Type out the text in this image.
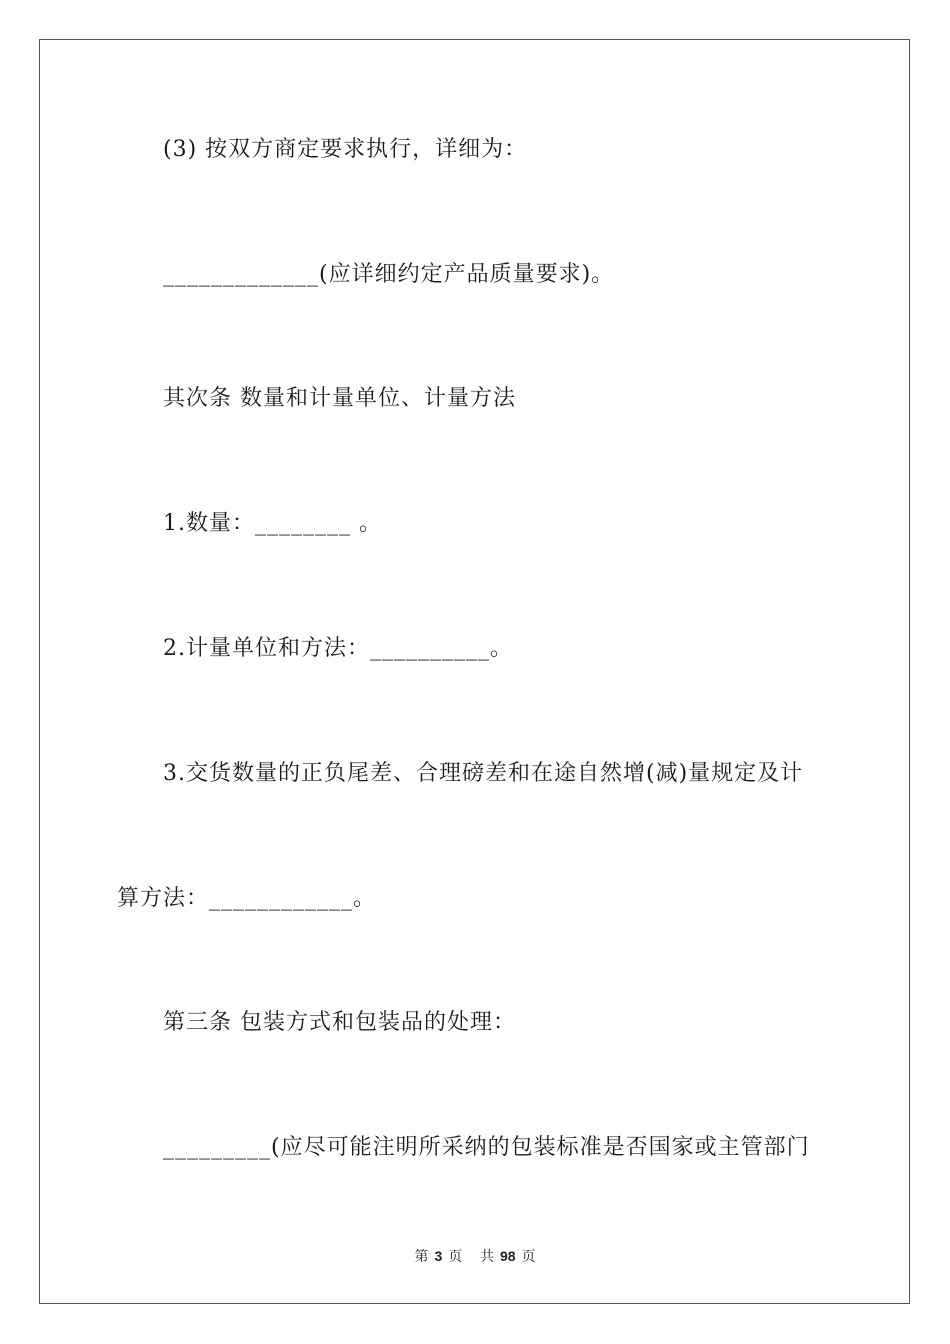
(3) 按双方商定要求执行，详细为：
_____________(应详细约定产品质量要求)。
其次条 数量和计量单位、计量方法
1.数量：________ 。
2.计量单位和方法：__________。
3.交货数量的正负尾差、合理磅差和在途自然增(减)量规定及计
算方法：____________。
第三条 包装方式和包装品的处理：
_________(应尽可能注明所采纳的包装标准是否国家或主管部门
第 3 页 共 98 页
